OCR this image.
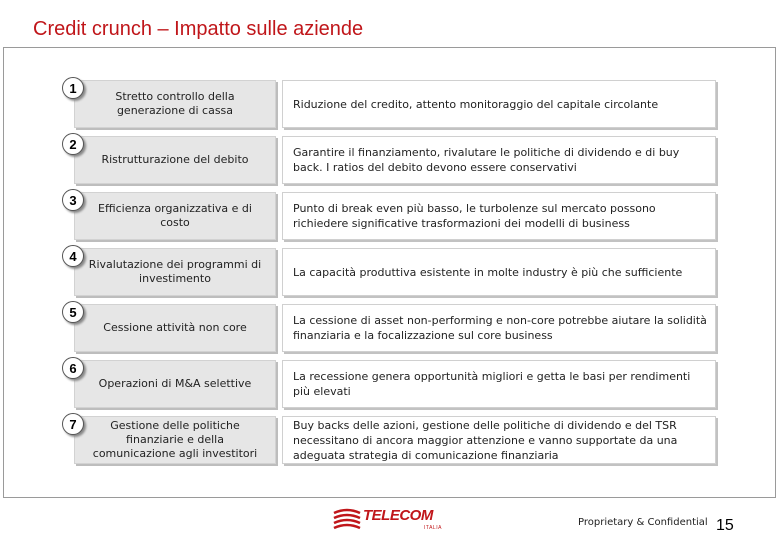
Credit crunch – Impatto sulle aziende
Stretto controllo della generazione di cassa
1
Riduzione del credito, attento monitoraggio del capitale circolante
Ristrutturazione del debito
2
Garantire il finanziamento, rivalutare le politiche di dividendo e di buy back. I ratios del debito devono essere conservativi
Efficienza organizzativa e di costo
3
Punto di break even più basso, le turbolenze sul mercato possono richiedere significative trasformazioni dei modelli di business
Rivalutazione dei programmi di investimento
4
La capacità produttiva esistente in molte industry è più che sufficiente
Cessione attività non core
5
La cessione di asset non-performing e non-core potrebbe aiutare la solidità finanziaria e la focalizzazione sul core business
Operazioni di M&A selettive
6
La recessione genera opportunità migliori e getta le basi per rendimenti più elevati
Gestione delle politiche finanziarie e della comunicazione agli investitori
7	Buy backs delle azioni, gestione delle politiche di dividendo e del TSR necessitano di ancora maggior attenzione e vanno supportate da una adeguata strategia di comunicazione finanziaria
TELECOM
ITALIA	Proprietary & Confidential 15
